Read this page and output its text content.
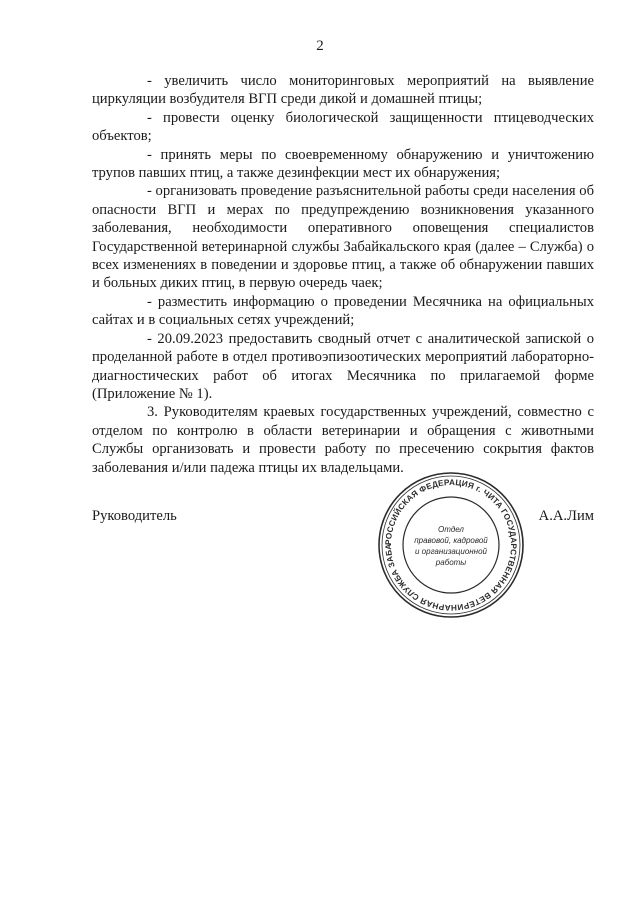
2

- увеличить число мониторинговых мероприятий на выявление циркуляции возбудителя ВГП среди дикой и домашней птицы;

- провести оценку биологической защищенности птицеводческих объектов;

- принять меры по своевременному обнаружению и уничтожению трупов павших птиц, а также дезинфекции мест их обнаружения;

- организовать проведение разъяснительной работы среди населения об опасности ВГП и мерах по предупреждению возникновения указанного заболевания, необходимости оперативного оповещения специалистов Государственной ветеринарной службы Забайкальского края (далее – Служба) о всех изменениях в поведении и здоровье птиц, а также об обнаружении павших и больных диких птиц, в первую очередь чаек;

- разместить информацию о проведении Месячника на официальных сайтах и в социальных сетях учреждений;

- 20.09.2023 предоставить сводный отчет с аналитической запиской о проделанной работе в отдел противоэпизоотических мероприятий лабораторно-диагностических работ об итогах Месячника по прилагаемой форме (Приложение № 1).

3. Руководителям краевых государственных учреждений, совместно с отделом по контролю в области ветеринарии и обращения с животными Службы организовать и провести работу по пресечению сокрытия фактов заболевания и/или падежа птицы их владельцами.

Руководитель	А.А.Лим
РОССИЙСКАЯ ФЕДЕРАЦИЯ г. ЧИТА ГОСУДАРСТВЕННАЯ ВЕТЕРИНАРНАЯ СЛУЖБА ЗАБА
Отдел
правовой, кадровой
и организационной
работы
